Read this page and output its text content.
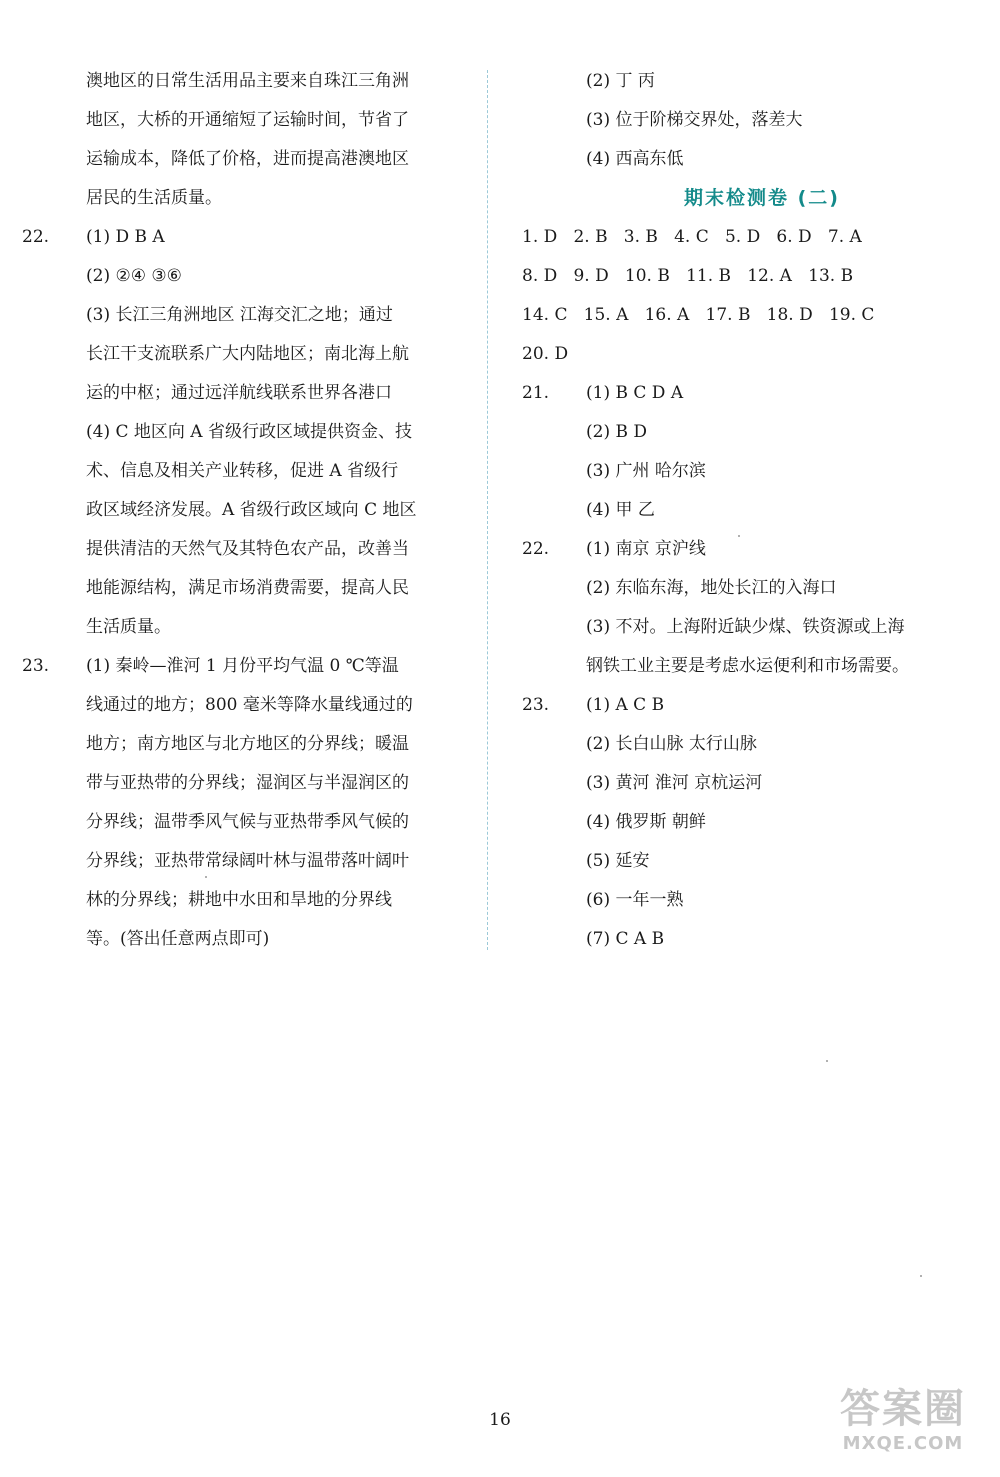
澳地区的日常生活用品主要来自珠江三角洲
地区，大桥的开通缩短了运输时间，节省了
运输成本，降低了价格，进而提高港澳地区
居民的生活质量。
22. (1) D B A
(2) ②④ ③⑥
(3) 长江三角洲地区 江海交汇之地；通过
长江干支流联系广大内陆地区；南北海上航
运的中枢；通过远洋航线联系世界各港口
(4) C 地区向 A 省级行政区域提供资金、技
术、信息及相关产业转移，促进 A 省级行
政区域经济发展。A 省级行政区域向 C 地区
提供清洁的天然气及其特色农产品，改善当
地能源结构，满足市场消费需要，提高人民
生活质量。
23. (1) 秦岭—淮河 1 月份平均气温 0 ℃等温
线通过的地方；800 毫米等降水量线通过的
地方；南方地区与北方地区的分界线；暖温
带与亚热带的分界线；湿润区与半湿润区的
分界线；温带季风气候与亚热带季风气候的
分界线；亚热带常绿阔叶林与温带落叶阔叶
林的分界线；耕地中水田和旱地的分界线
等。(答出任意两点即可)
(2) 丁 丙
(3) 位于阶梯交界处，落差大
(4) 西高东低
期末检测卷 (二)
1. D   2. B   3. B   4. C   5. D   6. D   7. A
8. D   9. D   10. B   11. B   12. A   13. B
14. C   15. A   16. A   17. B   18. D   19. C
20. D
21. (1) B C D A
(2) B D
(3) 广州 哈尔滨
(4) 甲 乙
22. (1) 南京 京沪线
(2) 东临东海，地处长江的入海口
(3) 不对。上海附近缺少煤、铁资源或上海
钢铁工业主要是考虑水运便利和市场需要。
23. (1) A C B
(2) 长白山脉 太行山脉
(3) 黄河 淮河 京杭运河
(4) 俄罗斯 朝鲜
(5) 延安
(6) 一年一熟
(7) C A B
16	答案圈
MXQE.COM
